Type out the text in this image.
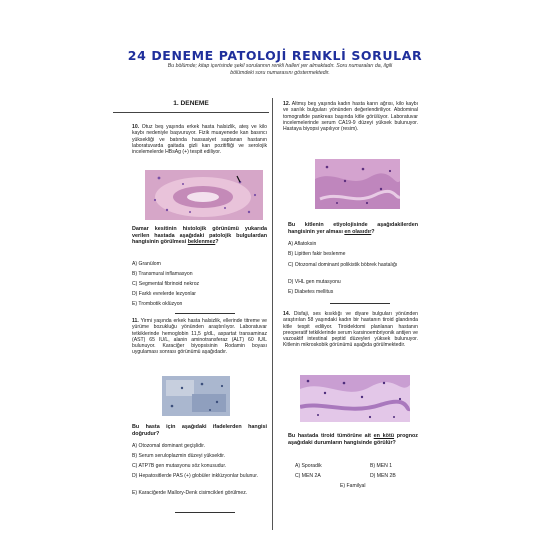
24 DENEME PATOLOJİ RENKLİ SORULAR
Bu bölümde; kitap içerisinde şekil sorulannın renkli halleri yer almaktadır. Soru numaraları da, ilgili bölümdeki soru numarasını göstermektedir.
1. DENEME
10. Otuz beş yaşında erkek hasta halsizlik, ateş ve kilo kaybı nedeniyle başvuruyor. Fizik muayenede kan basıncı yüksekliği ve batında hassasiyet saptanan hastanın laboratuvarda gaitada gizli kan pozitifliği ve serolojik incelemelerde HBsAg (+) tespit ediliyor.
Damar kesitinin histolojik görünümü yukarıda verilen hastada aşağıdaki patolojik bulgulardan hangisinin görülmesi beklenmez?
A) Granülom
B) Transmural inflamasyon
C) Segmental fibrinoid nekroz
D) Farklı evrelerde lezyonlar
E) Trombotik oklüzyon
11. Yirmi yaşında erkek hasta halsizlik, ellerinde titreme ve yürüme bozukluğu yönünden araştırılıyor. Laboratuvar tetkiklerinde hemoglobin 11,5 g/dL, aspartat transaminaz (AST) 65 IU/L, alanin aminotransferaz (ALT) 60 IU/L bulunuyor. Karaciğer biyopsisinin Rodamin boyası uygulaması sonrası görünümü aşağıdadır.
Bu hasta için aşağıdaki ifadelerden hangisi doğrudur?
A) Otozomal dominant geçişlidir.
B) Serum seruloplazmin düzeyi yüksektir.
C) ATP7B gen mutasyonu söz konusudur.
D) Hepatositlerde PAS (+) globüler inklüzyonlar bulunur.
E) Karaciğerde Mallory-Denk cisimcikleri görülmez.
12. Altmış beş yaşında kadın hasta karın ağrısı, kilo kaybı ve sarılık bulguları yönünden değerlendiriliyor. Abdominal tomografide pankreas başında kitle görülüyor. Laboratuvar incelemelerinde serum CA19-9 düzeyi yüksek bulunuyor. Hastaya biyopsi yapılıyor (resim).
Bu kitlenin etiyolojisinde aşağıdakilerden hangisinin yer alması en olasıdır?
A) Aflatoksin
B) Lipitten fakir beslenme
C) Otozomal dominant polikistik böbrek hastalığı
D) VHL gen mutasyonu
E) Diabetes mellitus
14. Disfaji, ses kısıklığı ve diyare bulguları yönünden araştırılan 58 yaşındaki kadın bir hastanın tiroid glandında kitle tespit ediliyor. Tiroidektomi planlanan hastanın preoperatif tetkiklerinde serum karsinoembriyonik antijen ve vazoaktif intestinal peptid düzeyleri yüksek bulunuyor. Kitlenin mikroskobik görünümü aşağıda görülmektedir.
Bu hastada tiroid tümörüne ait en kötü prognoz aşağıdaki durumların hangisinde görülür?
A) Sporadik	B) MEN 1
C) MEN 2A	D) MEN 2B
E) Familyal
